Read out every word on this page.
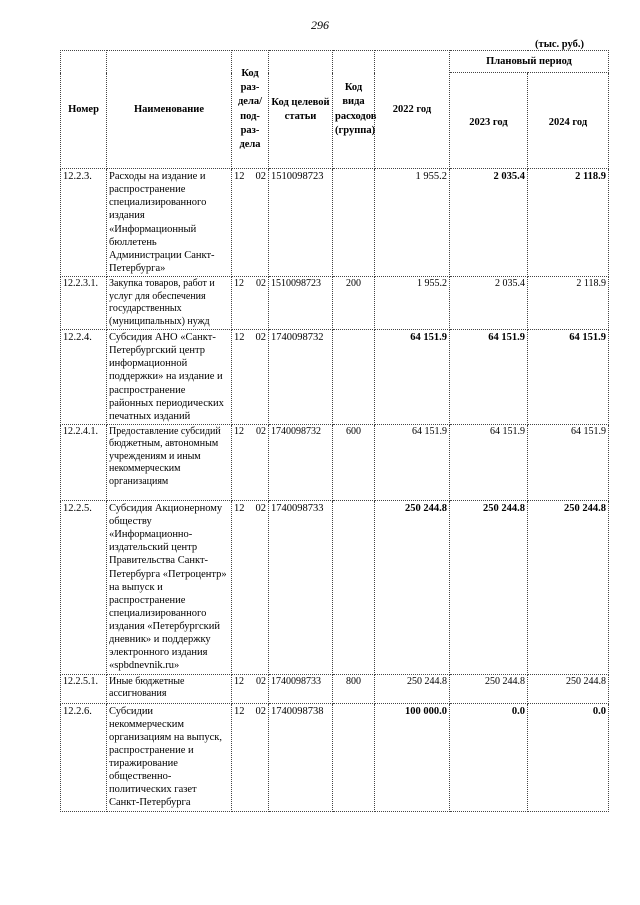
296
(тыс. руб.)
Номер	Наименование	Код раз-дела/ под-раз-дела	Код целевой статьи	Код вида расходов (группа)	2022 год	Плановый период	
						2023 год	2024 год
12.2.3.	Расходы на издание и распространение специализированного издания «Информационный бюллетень Администрации Санкт-Петербурга»	12 02	1510098723		1 955.2	2 035.4	2 118.9
12.2.3.1.	Закупка товаров, работ и услуг для обеспечения государственных (муниципальных) нужд	12 02	1510098723	200	1 955.2	2 035.4	2 118.9
12.2.4.	Субсидия АНО «Санкт-Петербургский центр информационной поддержки» на издание и распространение районных периодических печатных изданий	12 02	1740098732		64 151.9	64 151.9	64 151.9
12.2.4.1.	Предоставление субсидий бюджетным, автономным учреждениям и иным некоммерческим организациям	12 02	1740098732	600	64 151.9	64 151.9	64 151.9
12.2.5.	Субсидия Акционерному обществу «Информационно-издательский центр Правительства Санкт-Петербурга «Петроцентр» на выпуск и распространение специализированного издания «Петербургский дневник» и поддержку электронного издания «spbdnevnik.ru»	12 02	1740098733		250 244.8	250 244.8	250 244.8
12.2.5.1.	Иные бюджетные ассигнования	12 02	1740098733	800	250 244.8	250 244.8	250 244.8
12.2.6.	Субсидии некоммерческим организациям на выпуск, распространение и тиражирование общественно-политических газет Санкт-Петербурга	12 02	1740098738		100 000.0	0.0	0.0
